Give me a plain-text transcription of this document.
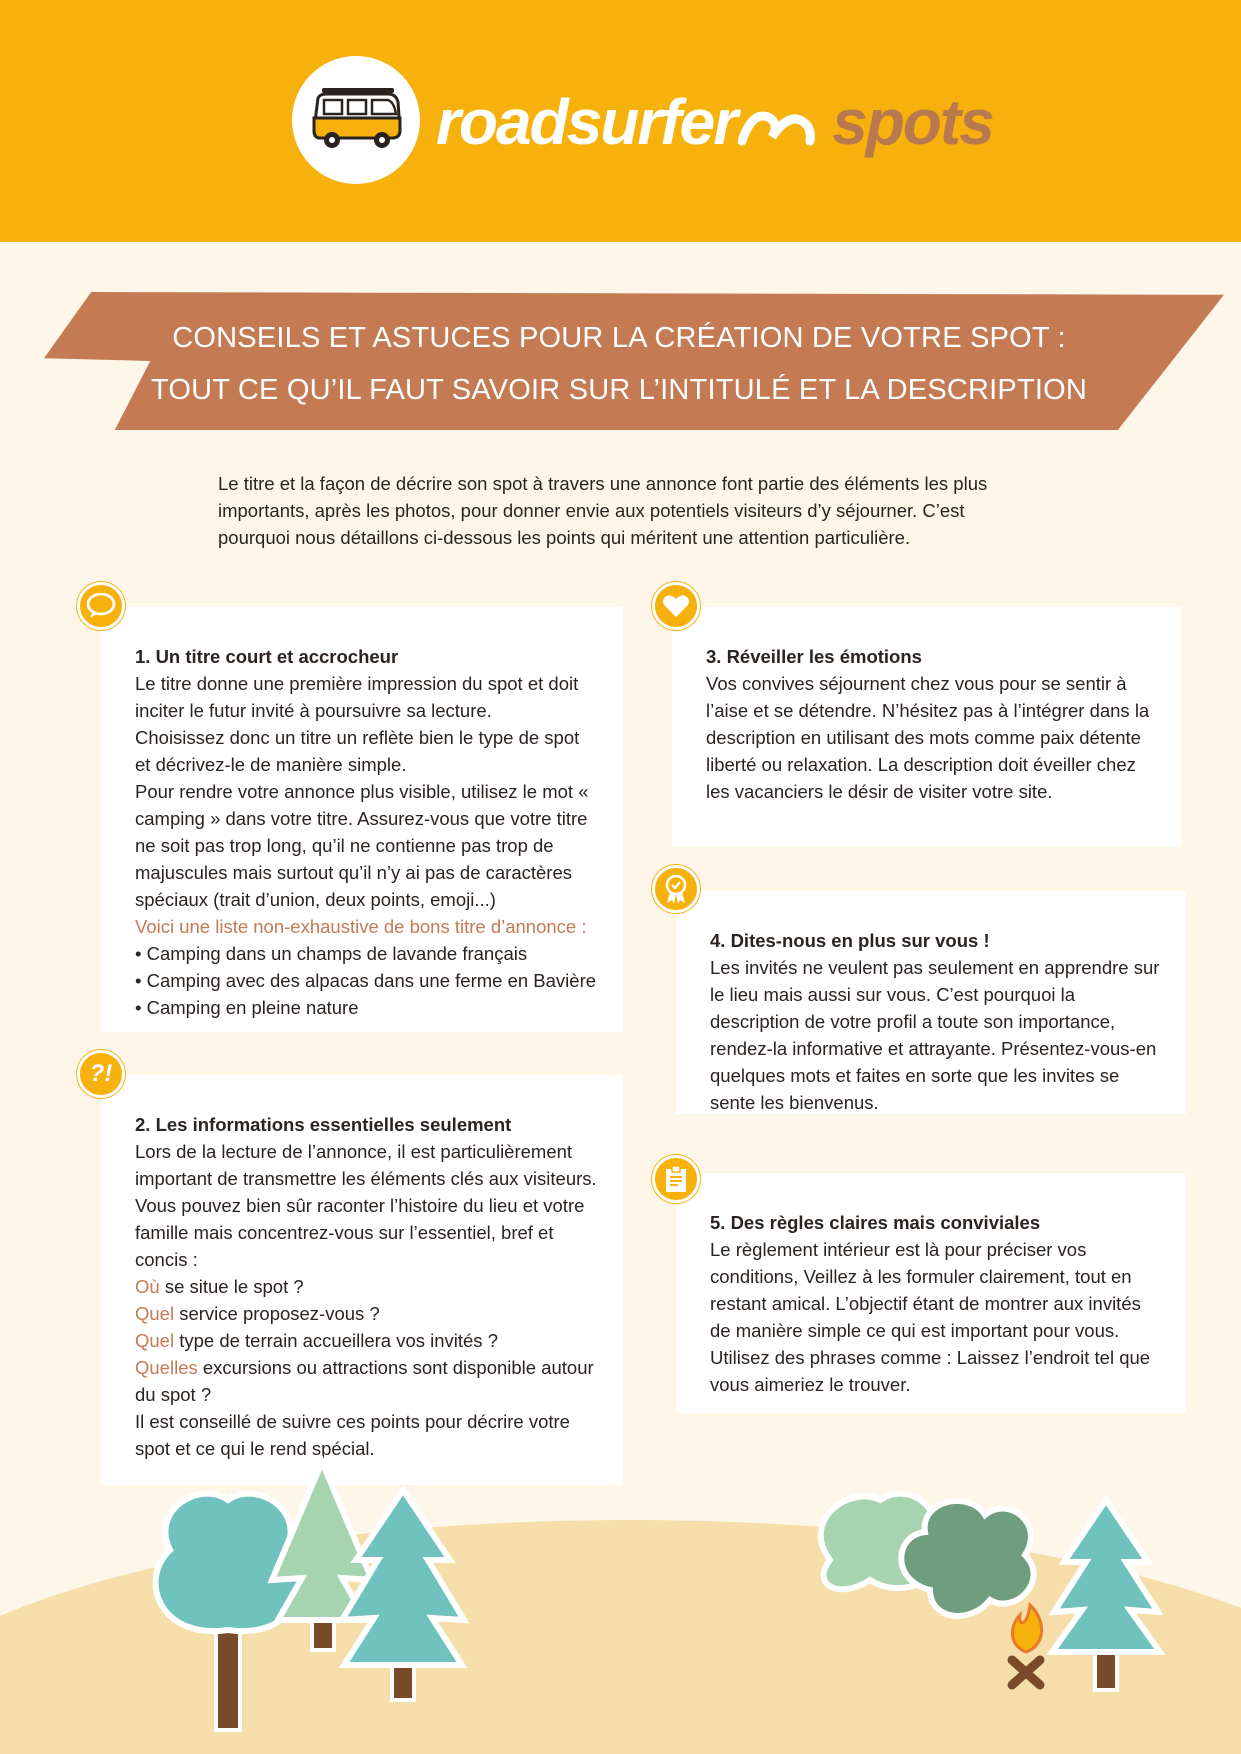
roadsurfer spots
CONSEILS ET ASTUCES POUR LA CRÉATION DE VOTRE SPOT :
TOUT CE QU’IL FAUT SAVOIR SUR L’INTITULÉ ET LA DESCRIPTION
Le titre et la façon de décrire son spot à travers une annonce font partie des éléments les plus importants, après les photos, pour donner envie aux potentiels visiteurs d’y séjourner. C’est pourquoi nous détaillons ci-dessous les points qui méritent une attention particulière.

1. Un titre court et accrocheur

Le titre donne une première impression du spot et doit inciter le futur invité à poursuivre sa lecture.

Choisissez donc un titre un reflète bien le type de spot et décrivez-le de manière simple.

Pour rendre votre annonce plus visible, utilisez le mot « camping » dans votre titre. Assurez-vous que votre titre ne soit pas trop long, qu’il ne contienne pas trop de majuscules mais surtout qu’il n’y ai pas de caractères spéciaux (trait d’union, deux points, emoji...)

Voici une liste non-exhaustive de bons titre d’annonce :

• Camping dans un champs de lavande français

• Camping avec des alpacas dans une ferme en Bavière

• Camping en pleine nature

2. Les informations essentielles seulement

Lors de la lecture de l’annonce, il est particulièrement important de transmettre les éléments clés aux visiteurs. Vous pouvez bien sûr raconter l’histoire du lieu et votre famille mais concentrez-vous sur l’essentiel, bref et concis :

Où se situe le spot ?

Quel service proposez-vous ?

Quel type de terrain accueillera vos invités ?

Quelles excursions ou attractions sont disponible autour du spot ?

Il est conseillé de suivre ces points pour décrire votre spot et ce qui le rend spécial.

?!

3. Réveiller les émotions

Vos convives séjournent chez vous pour se sentir à l’aise et se détendre. N’hésitez pas à l’intégrer dans la description en utilisant des mots comme paix détente liberté ou relaxation. La description doit éveiller chez les vacanciers le désir de visiter votre site.

4. Dites-nous en plus sur vous !

Les invités ne veulent pas seulement en apprendre sur le lieu mais aussi sur vous. C’est pourquoi la description de votre profil a toute son importance, rendez-la informative et attrayante. Présentez-vous-en quelques mots et faites en sorte que les invites se sente les bienvenus.

5. Des règles claires mais conviviales

Le règlement intérieur est là pour préciser vos conditions, Veillez à les formuler clairement, tout en restant amical. L’objectif étant de montrer aux invités de manière simple ce qui est important pour vous. Utilisez des phrases comme : Laissez l’endroit tel que vous aimeriez le trouver.
